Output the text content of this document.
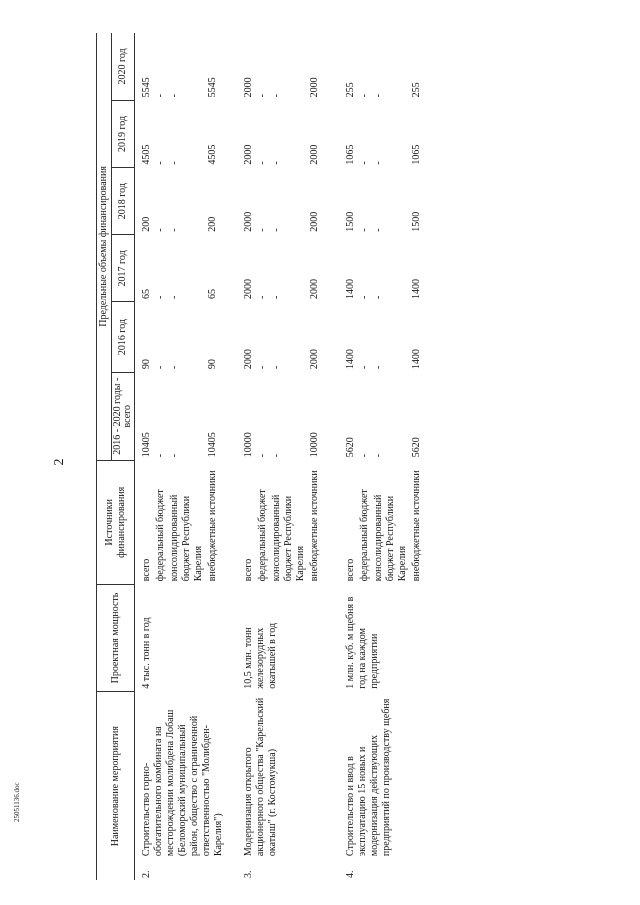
2
25051136.doc	Наименование мероприятия		Проектная мощность	Источники финансирования	Предельные объемы финансирования					
				2016 - 2020 годы - всего	2016 год	2017 год	2018 год	2019 год	2020 год
2.	Строительство горно-обогатительного комбината на месторождении молибдена Лобаш (Беломорский муниципальный район, общество с ограниченной ответственностью "Молибден-Карелия")	4 тыс. тонн в год	всего	10405	90	65	200	4505	5545
			федеральный бюджет	-	-	-	-	-	-
			консолидированный бюджет Республики Карелия	-	-	-	-	-	-
			внебюджетные источники	10405	90	65	200	4505	5545
3.	Модернизация открытого акционерного общества "Карельский окатыш" (г. Костомукша)	10,5 млн. тонн железорудных окатышей в год	всего	10000	2000	2000	2000	2000	2000
			федеральный бюджет	-	-	-	-	-	-
			консолидированный бюджет Республики Карелия	-	-	-	-	-	-
			внебюджетные источники	10000	2000	2000	2000	2000	2000
4.	Строительство и ввод в эксплуатацию 15 новых и модернизация действующих предприятий по производству щебня	1 млн. куб. м щебня в год на каждом предприятии	всего	5620	1400	1400	1500	1065	255
			федеральный бюджет	-	-	-	-	-	-
			консолидированный бюджет Республики Карелия	-	-	-	-	-	-
			внебюджетные источники	5620	1400	1400	1500	1065	255
